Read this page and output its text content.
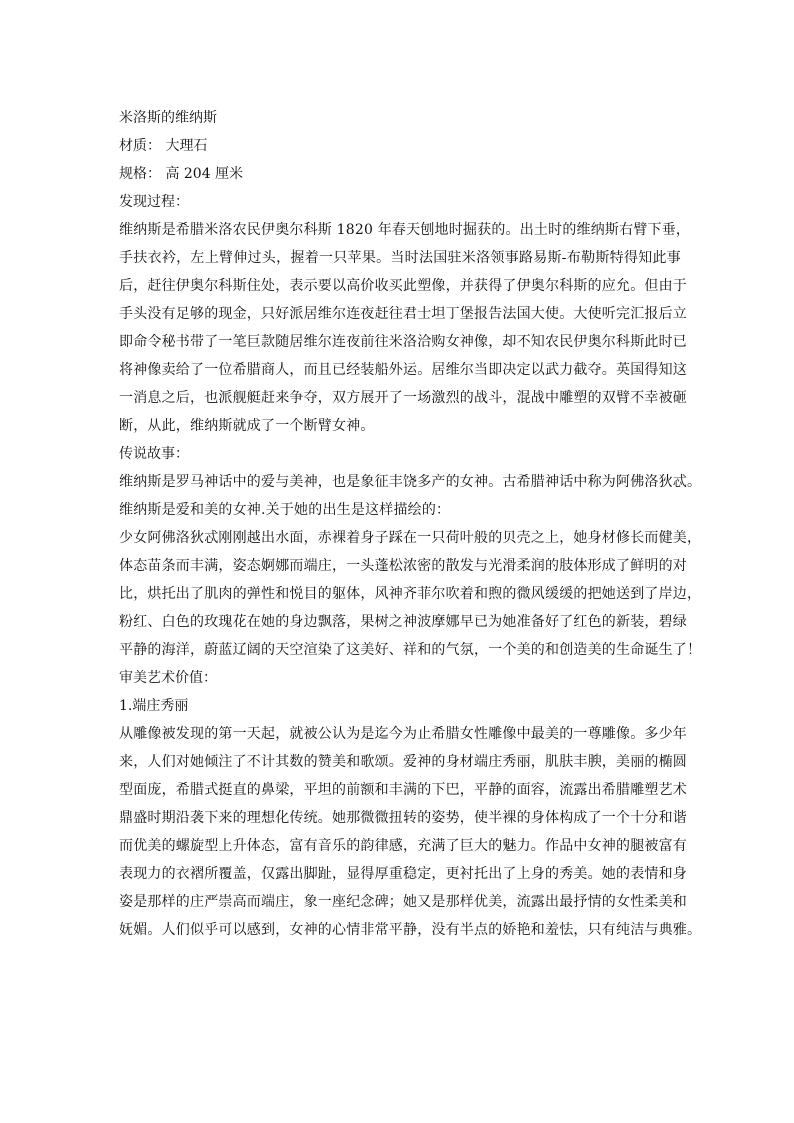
米洛斯的维纳斯

材质： 大理石

规格： 高 204 厘米

发现过程：

维纳斯是希腊米洛农民伊奥尔科斯 1820 年春天刨地时掘获的。出土时的维纳斯右臂下垂，
手扶衣衿，左上臂伸过头，握着一只苹果。当时法国驻米洛领事路易斯-布勒斯特得知此事
后，赶往伊奥尔科斯住处，表示要以高价收买此塑像，并获得了伊奥尔科斯的应允。但由于
手头没有足够的现金，只好派居维尔连夜赶往君士坦丁堡报告法国大使。大使听完汇报后立
即命令秘书带了一笔巨款随居维尔连夜前往米洛洽购女神像，却不知农民伊奥尔科斯此时已
将神像卖给了一位希腊商人，而且已经装船外运。居维尔当即决定以武力截夺。英国得知这
一消息之后，也派舰艇赶来争夺，双方展开了一场激烈的战斗，混战中雕塑的双臂不幸被砸
断，从此，维纳斯就成了一个断臂女神。

传说故事：

维纳斯是罗马神话中的爱与美神，也是象征丰饶多产的女神。古希腊神话中称为阿佛洛狄忒。
维纳斯是爱和美的女神.关于她的出生是这样描绘的：
少女阿佛洛狄忒刚刚越出水面，赤裸着身子踩在一只荷叶般的贝壳之上，她身材修长而健美，
体态苗条而丰满，姿态婀娜而端庄，一头蓬松浓密的散发与光滑柔润的肢体形成了鲜明的对
比，烘托出了肌肉的弹性和悦目的躯体，风神齐菲尔吹着和煦的微风缓缓的把她送到了岸边，
粉红、白色的玫瑰花在她的身边飘落，果树之神波摩娜早已为她准备好了红色的新装，碧绿
平静的海洋，蔚蓝辽阔的天空渲染了这美好、祥和的气氛，一个美的和创造美的生命诞生了！

审美艺术价值：

1.端庄秀丽

从雕像被发现的第一天起，就被公认为是迄今为止希腊女性雕像中最美的一尊雕像。多少年
来，人们对她倾注了不计其数的赞美和歌颂。爱神的身材端庄秀丽，肌肤丰腴，美丽的椭圆
型面庞，希腊式挺直的鼻梁，平坦的前额和丰满的下巴，平静的面容，流露出希腊雕塑艺术
鼎盛时期沿袭下来的理想化传统。她那微微扭转的姿势，使半裸的身体构成了一个十分和谐
而优美的螺旋型上升体态，富有音乐的韵律感，充满了巨大的魅力。作品中女神的腿被富有
表现力的衣褶所覆盖，仅露出脚趾，显得厚重稳定，更衬托出了上身的秀美。她的表情和身
姿是那样的庄严崇高而端庄，象一座纪念碑；她又是那样优美，流露出最抒情的女性柔美和
妩媚。人们似乎可以感到，女神的心情非常平静，没有半点的娇艳和羞怯，只有纯洁与典雅。
